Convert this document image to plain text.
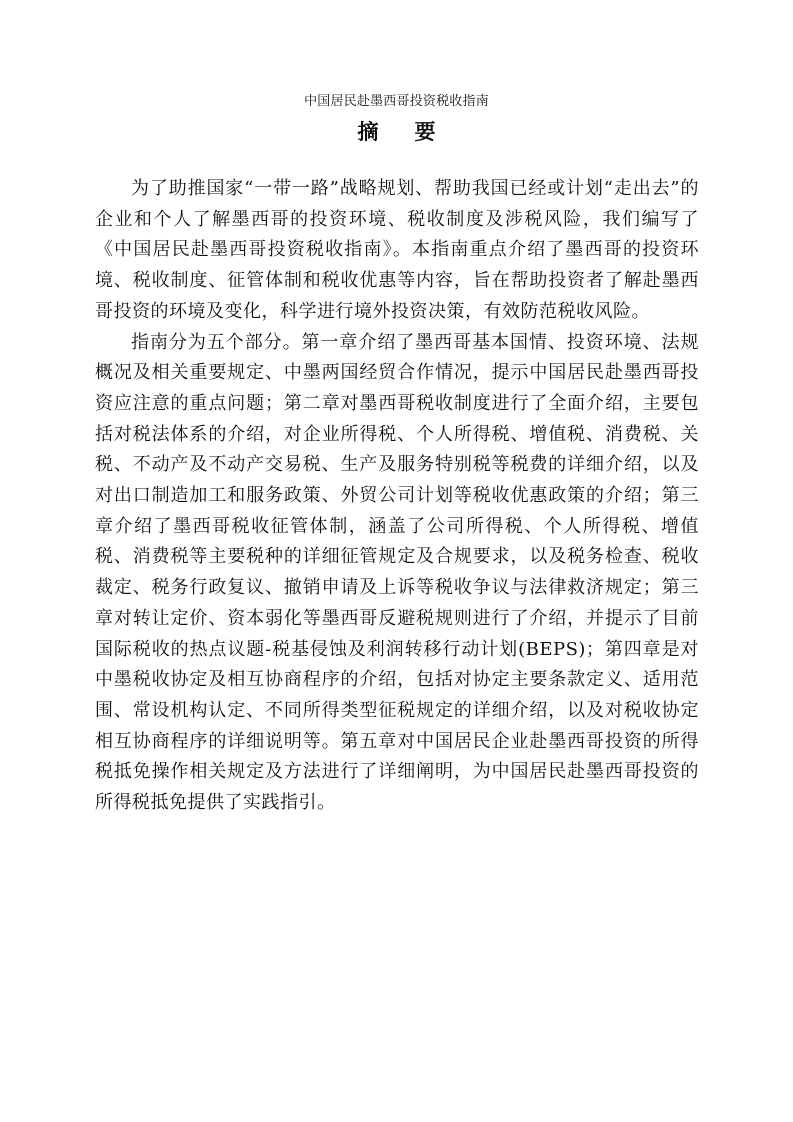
中国居民赴墨西哥投资税收指南
摘 要

为了助推国家“一带一路”战略规划、帮助我国已经或计划“走出去”的企业和个人了解墨西哥的投资环境、税收制度及涉税风险，我们编写了《中国居民赴墨西哥投资税收指南》。本指南重点介绍了墨西哥的投资环境、税收制度、征管体制和税收优惠等内容，旨在帮助投资者了解赴墨西哥投资的环境及变化，科学进行境外投资决策，有效防范税收风险。

指南分为五个部分。第一章介绍了墨西哥基本国情、投资环境、法规概况及相关重要规定、中墨两国经贸合作情况，提示中国居民赴墨西哥投资应注意的重点问题；第二章对墨西哥税收制度进行了全面介绍，主要包括对税法体系的介绍，对企业所得税、个人所得税、增值税、消费税、关税、不动产及不动产交易税、生产及服务特别税等税费的详细介绍，以及对出口制造加工和服务政策、外贸公司计划等税收优惠政策的介绍；第三章介绍了墨西哥税收征管体制，涵盖了公司所得税、个人所得税、增值税、消费税等主要税种的详细征管规定及合规要求，以及税务检查、税收裁定、税务行政复议、撤销申请及上诉等税收争议与法律救济规定；第三章对转让定价、资本弱化等墨西哥反避税规则进行了介绍，并提示了目前国际税收的热点议题-税基侵蚀及利润转移行动计划(BEPS)；第四章是对中墨税收协定及相互协商程序的介绍，包括对协定主要条款定义、适用范围、常设机构认定、不同所得类型征税规定的详细介绍，以及对税收协定相互协商程序的详细说明等。第五章对中国居民企业赴墨西哥投资的所得税抵免操作相关规定及方法进行了详细阐明，为中国居民赴墨西哥投资的所得税抵免提供了实践指引。
